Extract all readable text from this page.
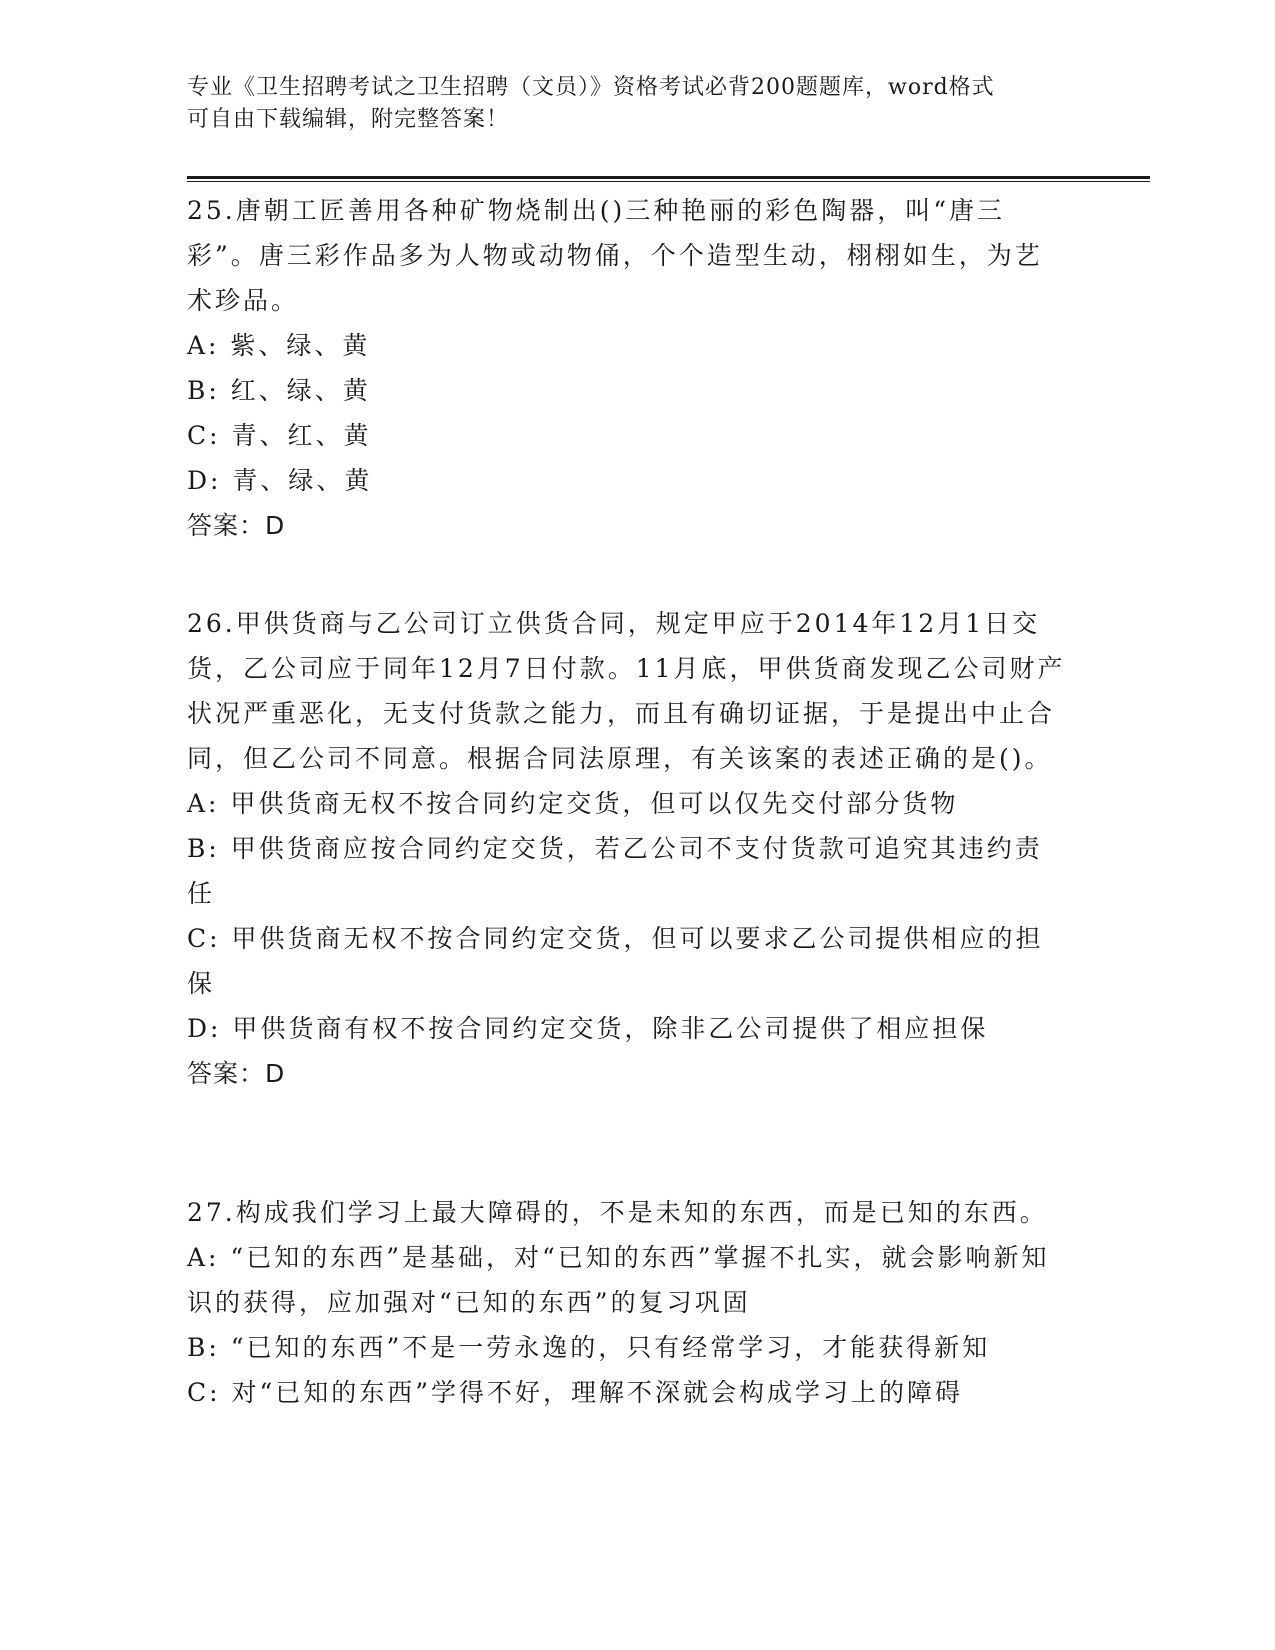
专业《卫生招聘考试之卫生招聘（文员）》资格考试必背200题题库，word格式
可自由下载编辑，附完整答案！

25.唐朝工匠善用各种矿物烧制出()三种艳丽的彩色陶器，叫“唐三彩”。唐三彩作品多为人物或动物俑，个个造型生动，栩栩如生，为艺术珍品。

A: 紫、绿、黄

B: 红、绿、黄

C: 青、红、黄

D: 青、绿、黄

答案：D

26.甲供货商与乙公司订立供货合同，规定甲应于2014年12月1日交货，乙公司应于同年12月7日付款。11月底，甲供货商发现乙公司财产状况严重恶化，无支付货款之能力，而且有确切证据，于是提出中止合同，但乙公司不同意。根据合同法原理，有关该案的表述正确的是()。

A: 甲供货商无权不按合同约定交货，但可以仅先交付部分货物

B: 甲供货商应按合同约定交货，若乙公司不支付货款可追究其违约责任

C: 甲供货商无权不按合同约定交货，但可以要求乙公司提供相应的担保

D: 甲供货商有权不按合同约定交货，除非乙公司提供了相应担保

答案：D

27.构成我们学习上最大障碍的，不是未知的东西，而是已知的东西。

A: “已知的东西”是基础，对“已知的东西”掌握不扎实，就会影响新知识的获得，应加强对“已知的东西”的复习巩固

B: “已知的东西”不是一劳永逸的，只有经常学习，才能获得新知

C: 对“已知的东西”学得不好，理解不深就会构成学习上的障碍
